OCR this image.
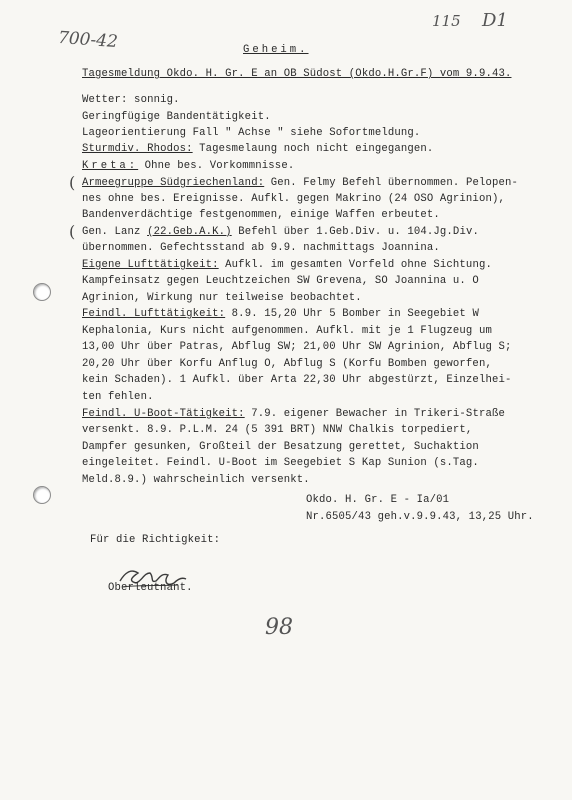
700-42
115 D1
Geheim.
Tagesmeldung Okdo. H. Gr. E an OB Südost (Okdo.H.Gr.F) vom 9.9.43.
Wetter: sonnig.
Geringfügige Bandentätigkeit.
Lageorientierung Fall " Achse " siehe Sofortmeldung.
Sturmdiv. Rhodos: Tagesmelaung noch nicht eingegangen.
Kreta: Ohne bes. Vorkommnisse.
( Armeegruppe Südgriechenland: Gen. Felmy Befehl übernommen. Pelopen-
nes ohne bes. Ereignisse. Aufkl. gegen Makrino (24 OSO Agrinion),
Bandenverdächtige festgenommen, einige Waffen erbeutet.
( Gen. Lanz (22.Geb.A.K.) Befehl über 1.Geb.Div. u. 104.Jg.Div.
übernommen. Gefechtsstand ab 9.9. nachmittags Joannina.
Eigene Lufttätigkeit: Aufkl. im gesamten Vorfeld ohne Sichtung.
Kampfeinsatz gegen Leuchtzeichen SW Grevena, SO Joannina u. O
Agrinion, Wirkung nur teilweise beobachtet.
Feindl. Lufttätigkeit: 8.9. 15,20 Uhr 5 Bomber in Seegebiet W
Kephalonia, Kurs nicht aufgenommen. Aufkl. mit je 1 Flugzeug um
13,00 Uhr über Patras, Abflug SW; 21,00 Uhr SW Agrinion, Abflug S;
20,20 Uhr über Korfu Anflug O, Abflug S (Korfu Bomben geworfen,
kein Schaden). 1 Aufkl. über Arta 22,30 Uhr abgestürzt, Einzelhei-
ten fehlen.
Feindl. U-Boot-Tätigkeit: 7.9. eigener Bewacher in Trikeri-Straße
versenkt. 8.9. P.L.M. 24 (5 391 BRT) NNW Chalkis torpediert,
Dampfer gesunken, Großteil der Besatzung gerettet, Suchaktion
eingeleitet. Feindl. U-Boot im Seegebiet S Kap Sunion (s.Tag.
Meld.8.9.) wahrscheinlich versenkt.
Okdo. H. Gr. E - Ia/01
Nr.6505/43 geh.v.9.9.43, 13,25 Uhr.
Für die Richtigkeit:
Oberleutnant.
98
